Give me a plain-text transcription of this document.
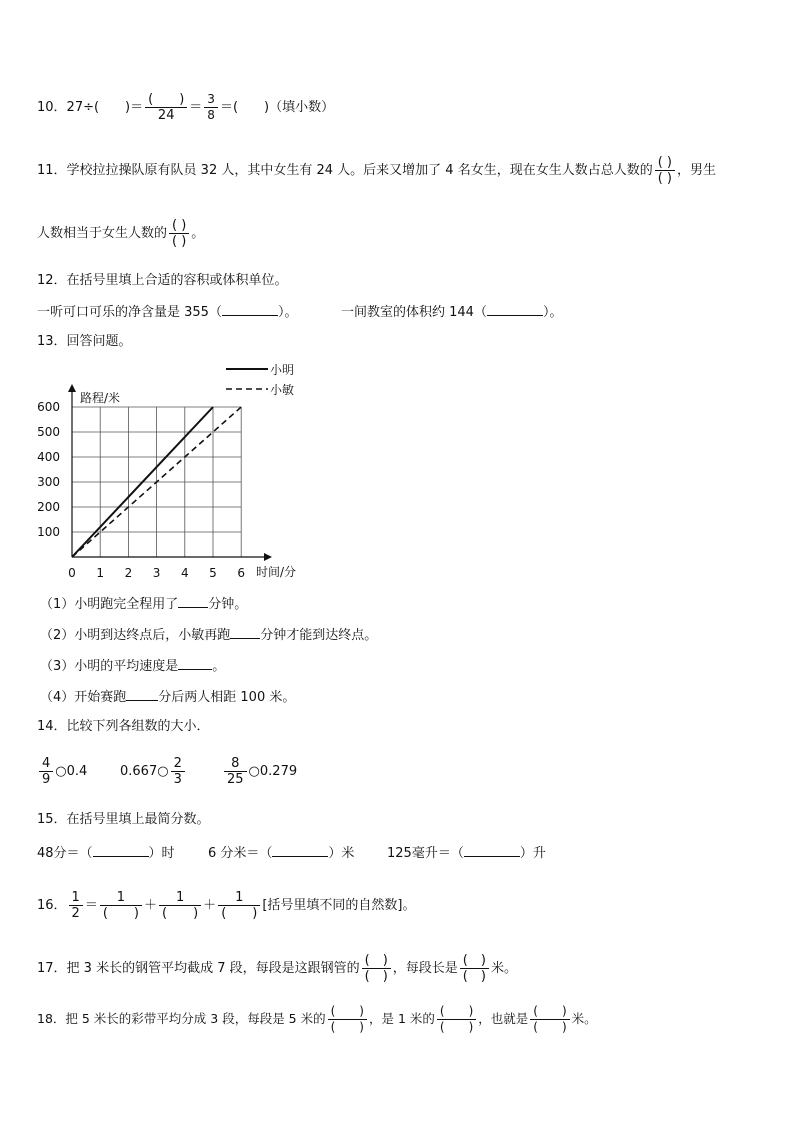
10．27÷(　　)＝ $\frac{( )}{24} = \frac{3}{8}$ ＝(　　)（填小数）
11．学校拉拉操队原有队员 32 人，其中女生有 24 人。后来又增加了 4 名女生，现在女生人数占总人数的 $\frac{( )}{( )}$ ，男生
人数相当于女生人数的 $\frac{( )}{( )}$ 。
12．在括号里填上合适的容积或体积单位。
一听可口可乐的净含量是 355（	）。	一间教室的体积约 144（	）。
13．回答问题。
路程/米
时间/分
0 1 2 3 4 5 6
100
200
300
400
500
600
小明
小敏
（1）小明跑完全程用了 分钟。
（2）小明到达终点后，小敏再跑 分钟才能到达终点。
（3）小明的平均速度是	。
（4）开始赛跑 分后两人相距 100 米。
14．比较下列各组数的大小．
$\frac{4}{9}$ ○0.4	0.667○ $\frac{2}{3}$	$\frac{8}{25}$ ○0.279
15．在括号里填上最简分数。
48分＝（	）时	6 分米＝（	）米	125毫升＝（	）升
16． $\frac{1}{2} = \frac{1}{( )} + \frac{1}{( )} + \frac{1}{( )}$ [括号里填不同的自然数]。
17．把 3 米长的钢管平均截成 7 段，每段是这跟钢管的 $\frac{( )}{( )}$ ，每段长是 $\frac{( )}{( )}$ 米。
18．把 5 米长的彩带平均分成 3 段，每段是 5 米的 $\frac{( )}{( )}$ ，是 1 米的 $\frac{( )}{( )}$ ，也就是 $\frac{( )}{( )}$ 米。
